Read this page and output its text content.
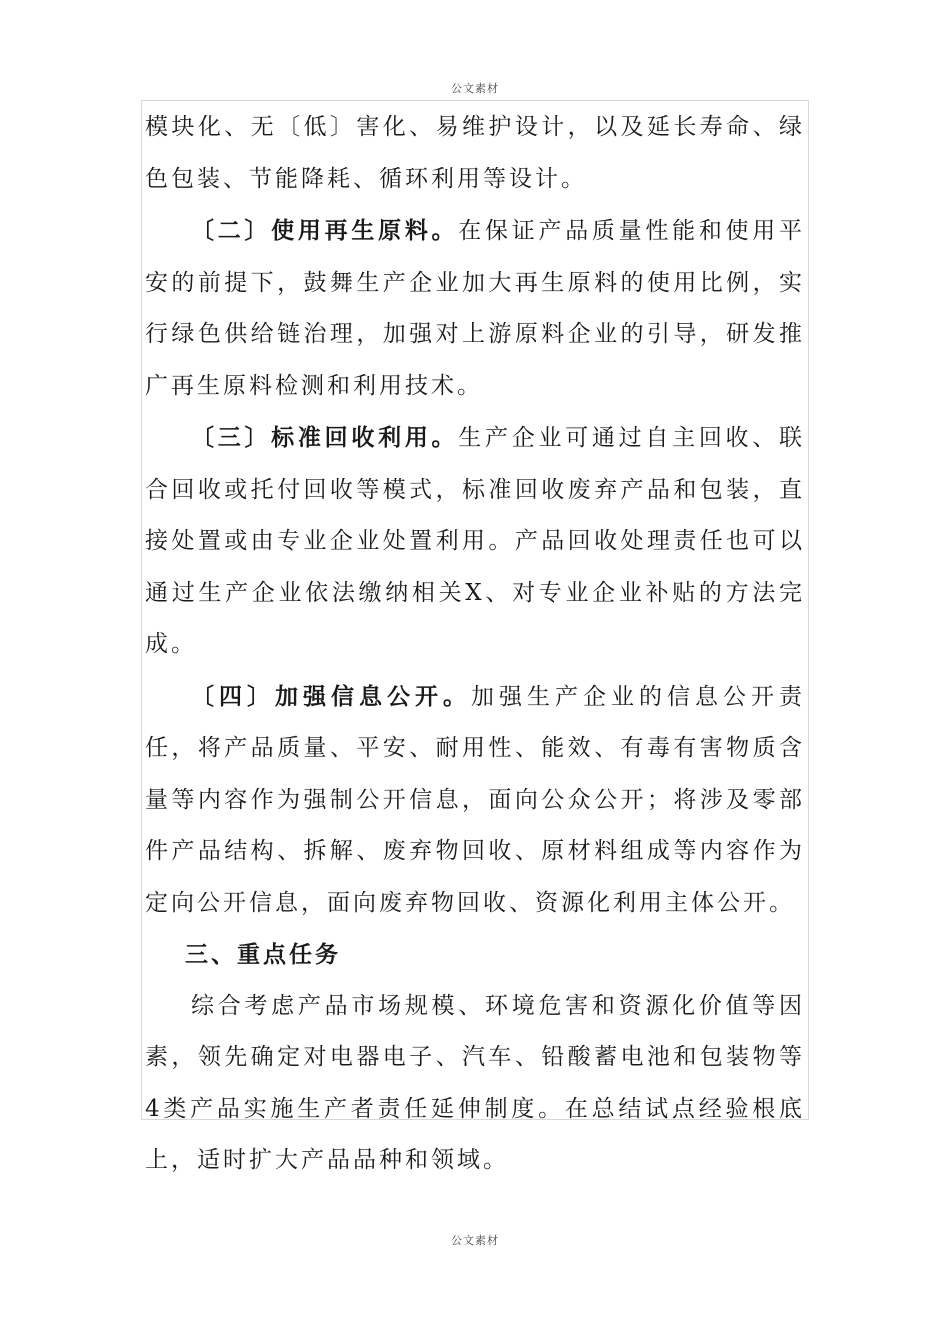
公文素材

模块化、无〔低〕害化、易维护设计，以及延长寿命、绿色包装、节能降耗、循环利用等设计。

〔二〕使用再生原料。在保证产品质量性能和使用平安的前提下，鼓舞生产企业加大再生原料的使用比例，实行绿色供给链治理，加强对上游原料企业的引导，研发推广再生原料检测和利用技术。

〔三〕标准回收利用。生产企业可通过自主回收、联合回收或托付回收等模式，标准回收废弃产品和包装，直接处置或由专业企业处置利用。产品回收处理责任也可以通过生产企业依法缴纳相关X、对专业企业补贴的方法完成。

〔四〕加强信息公开。加强生产企业的信息公开责任，将产品质量、平安、耐用性、能效、有毒有害物质含量等内容作为强制公开信息，面向公众公开；将涉及零部件产品结构、拆解、废弃物回收、原材料组成等内容作为定向公开信息，面向废弃物回收、资源化利用主体公开。

三、重点任务

综合考虑产品市场规模、环境危害和资源化价值等因素，领先确定对电器电子、汽车、铅酸蓄电池和包装物等4类产品实施生产者责任延伸制度。在总结试点经验根底上，适时扩大产品品种和领域。

公文素材
